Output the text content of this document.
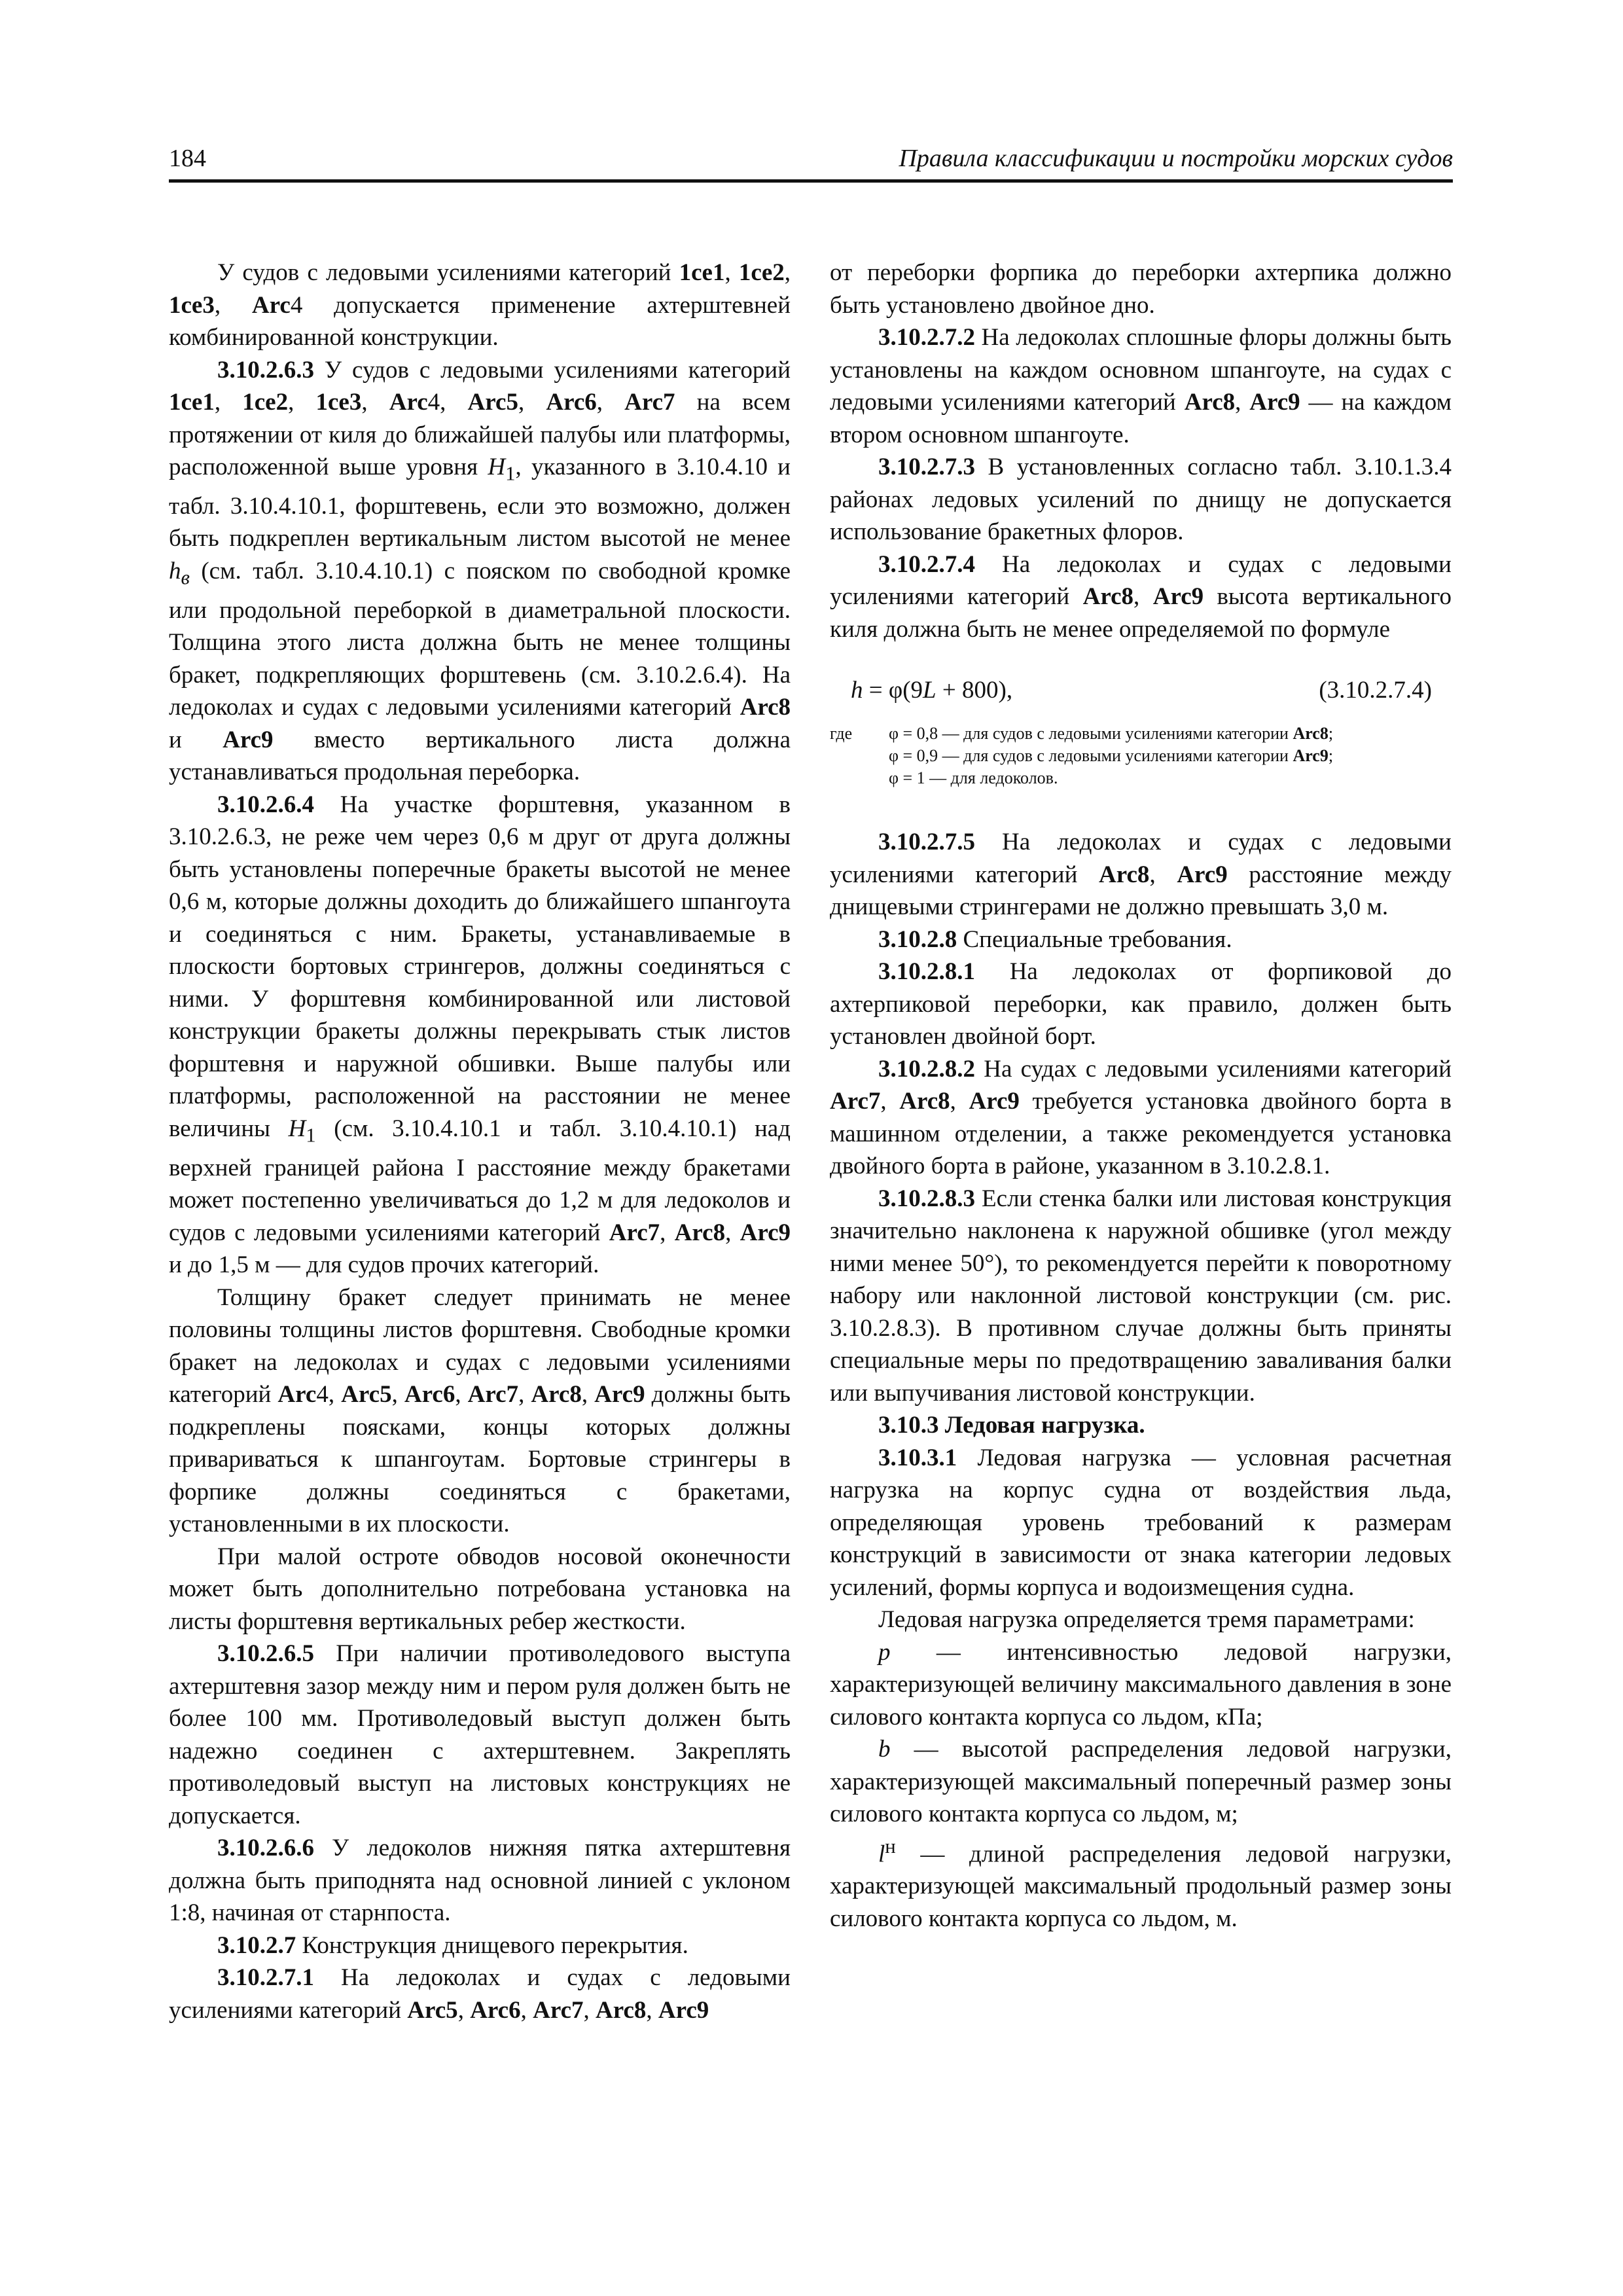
184	Правила классификации и постройки морских судов

У судов с ледовыми усилениями категорий 1ce1, 1ce2, 1ce3, Arc4 допускается применение ахтерштевней комбинированной конструкции.

3.10.2.6.3 У судов с ледовыми усилениями категорий 1ce1, 1ce2, 1ce3, Arc4, Arc5, Arc6, Arc7 на всем протяжении от киля до ближайшей палубы или платформы, расположенной выше уровня $H_1$, указанного в 3.10.4.10 и табл. 3.10.4.10.1, форштевень, если это возможно, должен быть подкреплен вертикальным листом высотой не менее $h_в$ (см. табл. 3.10.4.10.1) с пояском по свободной кромке или продольной переборкой в диаметральной плоскости. Толщина этого листа должна быть не менее толщины бракет, подкрепляющих форштевень (см. 3.10.2.6.4). На ледоколах и судах с ледовыми усилениями категорий Arc8 и Arc9 вместо вертикального листа должна устанавливаться продольная переборка.

3.10.2.6.4 На участке форштевня, указанном в 3.10.2.6.3, не реже чем через 0,6 м друг от друга должны быть установлены поперечные бракеты высотой не менее 0,6 м, которые должны доходить до ближайшего шпангоута и соединяться с ним. Бракеты, устанавливаемые в плоскости бортовых стрингеров, должны соединяться с ними. У форштевня комбинированной или листовой конструкции бракеты должны перекрывать стык листов форштевня и наружной обшивки. Выше палубы или платформы, расположенной на расстоянии не менее величины $H_1$ (см. 3.10.4.10.1 и табл. 3.10.4.10.1) над верхней границей района I расстояние между бракетами может постепенно увеличиваться до 1,2 м для ледоколов и судов с ледовыми усилениями категорий Arc7, Arc8, Arc9 и до 1,5 м — для судов прочих категорий.

Толщину бракет следует принимать не менее половины толщины листов форштевня. Свободные кромки бракет на ледоколах и судах с ледовыми усилениями категорий Arc4, Arc5, Arc6, Arc7, Arc8, Arc9 должны быть подкреплены поясками, концы которых должны привариваться к шпангоутам. Бортовые стрингеры в форпике должны соединяться с бракетами, установленными в их плоскости.

При малой остроте обводов носовой оконечности может быть дополнительно потребована установка на листы форштевня вертикальных ребер жесткости.

3.10.2.6.5 При наличии противоледового выступа ахтерштевня зазор между ним и пером руля должен быть не более 100 мм. Противоледовый выступ должен быть надежно соединен с ахтерштевнем. Закреплять противоледовый выступ на листовых конструкциях не допускается.

3.10.2.6.6 У ледоколов нижняя пятка ахтерштевня должна быть приподнята над основной линией с уклоном 1:8, начиная от старнпоста.

3.10.2.7 Конструкция днищевого перекрытия.

3.10.2.7.1 На ледоколах и судах с ледовыми усилениями категорий Arc5, Arc6, Arc7, Arc8, Arc9

от переборки форпика до переборки ахтерпика должно быть установлено двойное дно.

3.10.2.7.2 На ледоколах сплошные флоры должны быть установлены на каждом основном шпангоуте, на судах с ледовыми усилениями категорий Arc8, Arc9 — на каждом втором основном шпангоуте.

3.10.2.7.3 В установленных согласно табл. 3.10.1.3.4 районах ледовых усилений по днищу не допускается использование бракетных флоров.

3.10.2.7.4 На ледоколах и судах с ледовыми усилениями категорий Arc8, Arc9 высота вертикального киля должна быть не менее определяемой по формуле

h = φ(9L + 800),	(3.10.2.7.4)
где φ = 0,8 — для судов с ледовыми усилениями категории Arc8;
φ = 0,9 — для судов с ледовыми усилениями категории Arc9;
φ = 1 — для ледоколов.

3.10.2.7.5 На ледоколах и судах с ледовыми усилениями категорий Arc8, Arc9 расстояние между днищевыми стрингерами не должно превышать 3,0 м.

3.10.2.8 Специальные требования.

3.10.2.8.1 На ледоколах от форпиковой до ахтерпиковой переборки, как правило, должен быть установлен двойной борт.

3.10.2.8.2 На судах с ледовыми усилениями категорий Arc7, Arc8, Arc9 требуется установка двойного борта в машинном отделении, а также рекомендуется установка двойного борта в районе, указанном в 3.10.2.8.1.

3.10.2.8.3 Если стенка балки или листовая конструкция значительно наклонена к наружной обшивке (угол между ними менее 50°), то рекомендуется перейти к поворотному набору или наклонной листовой конструкции (см. рис. 3.10.2.8.3). В противном случае должны быть приняты специальные меры по предотвращению заваливания балки или выпучивания листовой конструкции.

3.10.3 Ледовая нагрузка.

3.10.3.1 Ледовая нагрузка — условная расчетная нагрузка на корпус судна от воздействия льда, определяющая уровень требований к размерам конструкций в зависимости от знака категории ледовых усилений, формы корпуса и водоизмещения судна.

Ледовая нагрузка определяется тремя параметрами:

p — интенсивностью ледовой нагрузки, характеризующей величину максимального давления в зоне силового контакта корпуса со льдом, кПа;

b — высотой распределения ледовой нагрузки, характеризующей максимальный поперечный размер зоны силового контакта корпуса со льдом, м;

$l^н$ — длиной распределения ледовой нагрузки, характеризующей максимальный продольный размер зоны силового контакта корпуса со льдом, м.
